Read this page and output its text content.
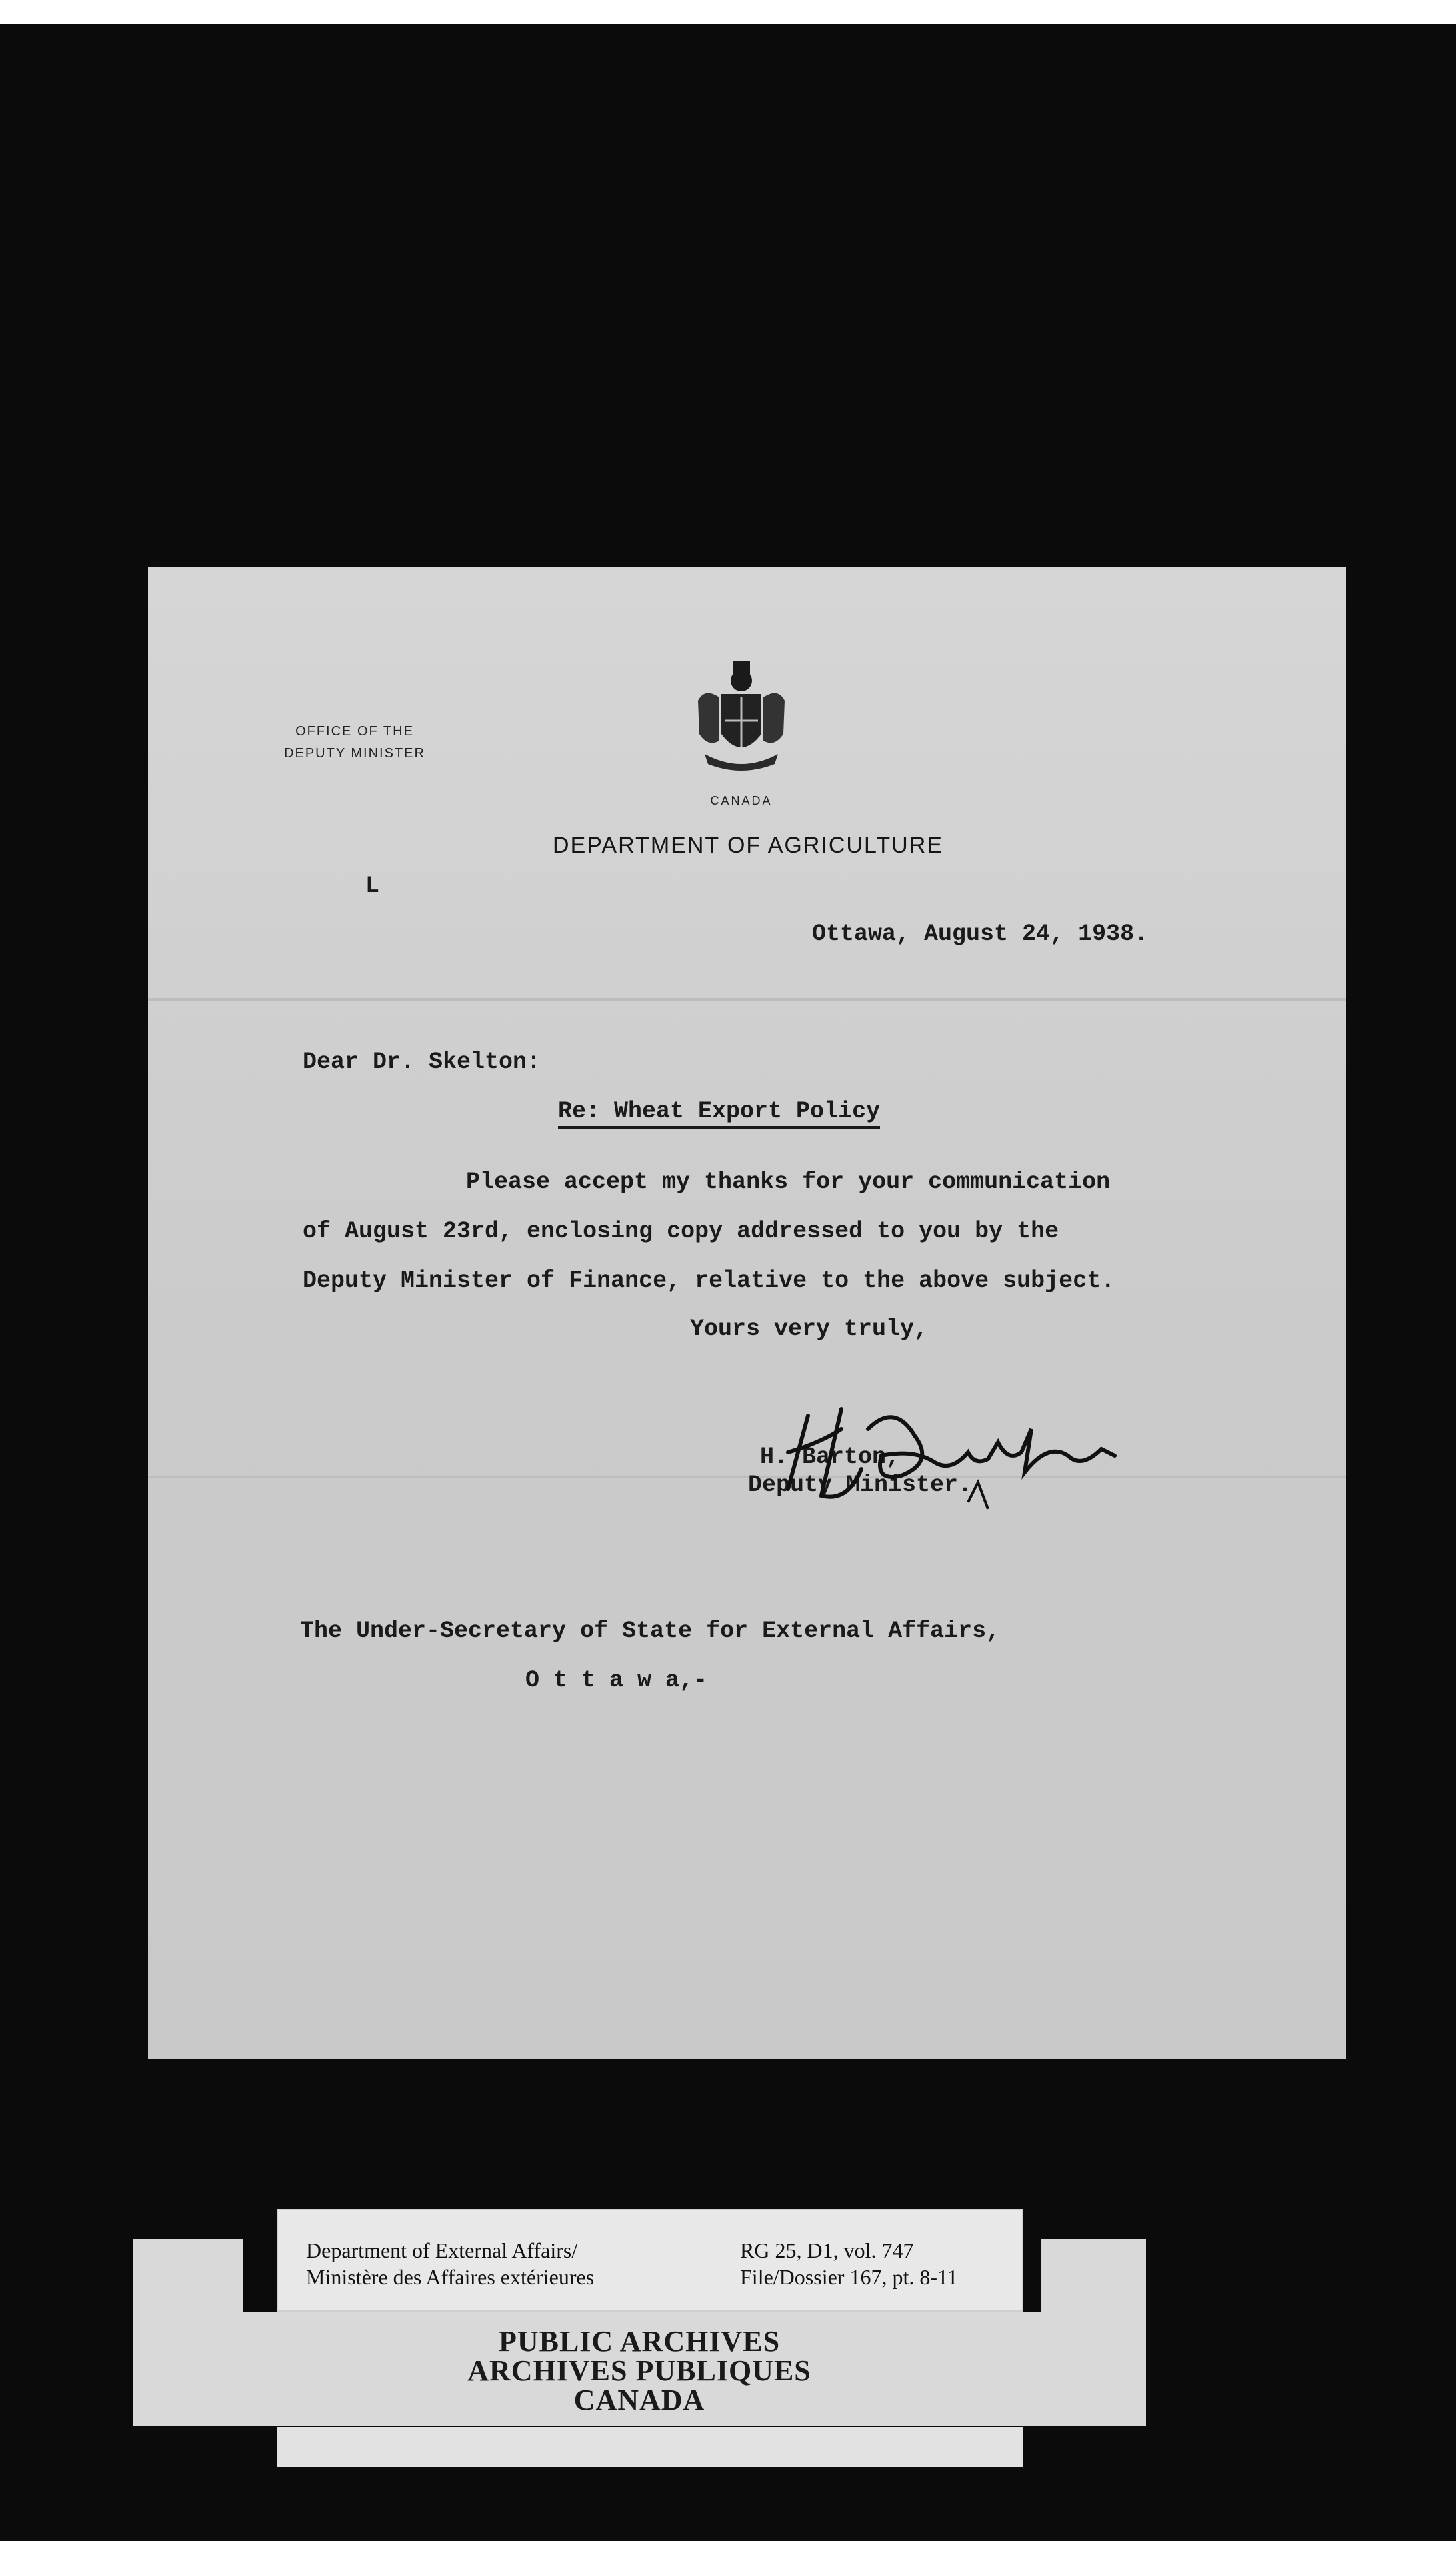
OFFICE OF THE
DEPUTY MINISTER
CANADA
DEPARTMENT OF AGRICULTURE
L
Ottawa, August 24, 1938.
Dear Dr. Skelton:
Re: Wheat Export Policy
Please accept my thanks for your communication
of August 23rd, enclosing copy addressed to you by the
Deputy Minister of Finance, relative to the above subject.
Yours very truly,
H. Barton,
Deputy Minister.
The Under-Secretary of State for External Affairs,
O t t a w a,-
PUBLIC ARCHIVES
ARCHIVES PUBLIQUES
CANADA
Department of External Affairs/
Ministère des Affaires extérieures
RG 25, D1, vol. 747
File/Dossier 167, pt. 8-11
